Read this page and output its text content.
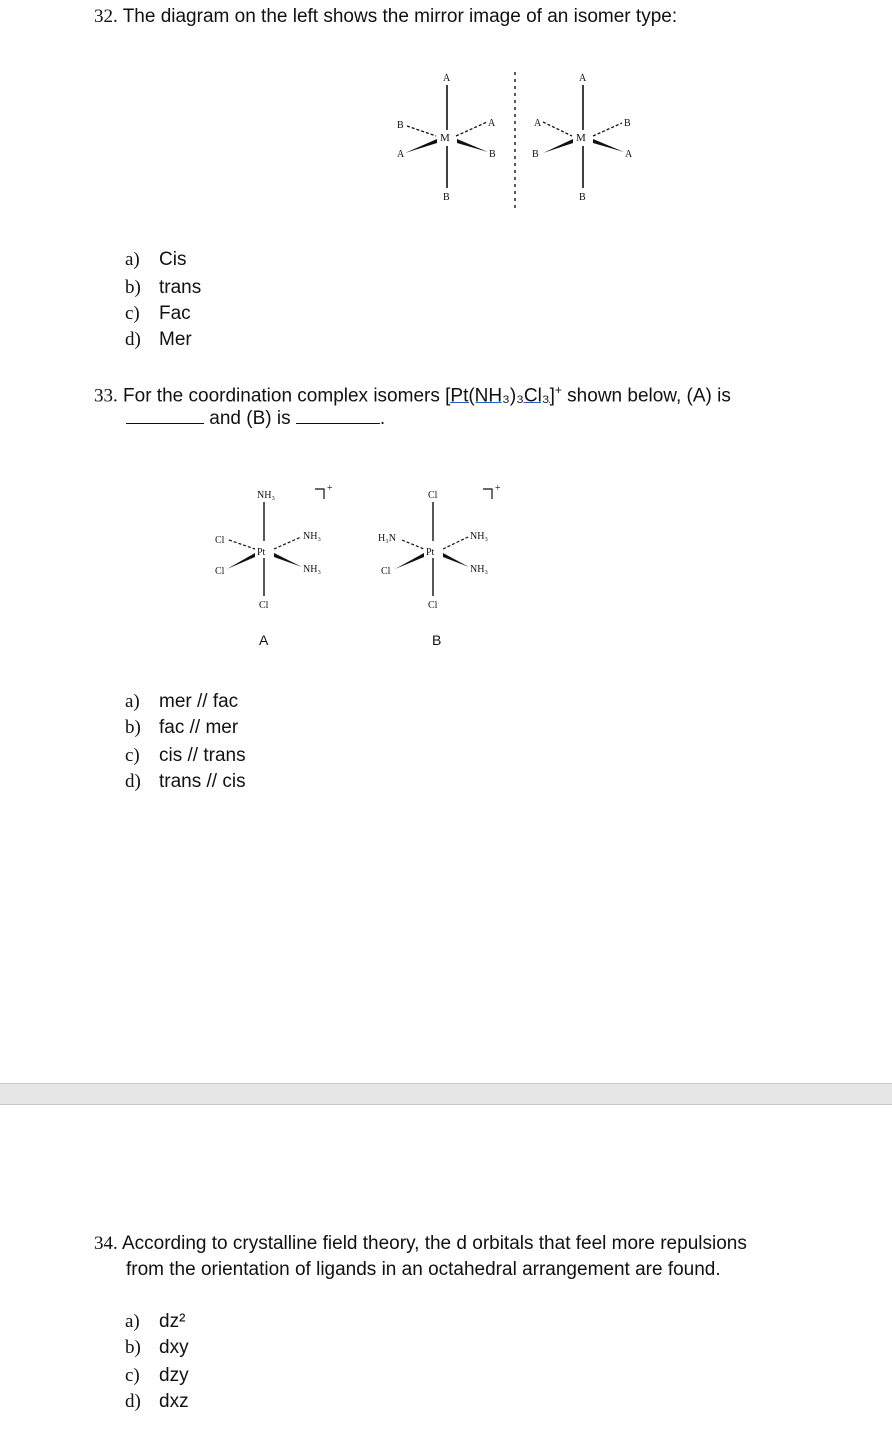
32. The diagram on the left shows the mirror image of an isomer type:
A
B
M
A
A	B
B
A
A
M
B
B	A
B
a) Cis
b) trans
c) Fac
d) Mer
33. For the coordination complex isomers [Pt(NH₃)₃Cl₃]+ shown below, (A) is
and (B) is	.
NH₃
Cl
Pt
NH₃
Cl	NH₃
Cl
+
A
Cl
H₃N
Pt
NH₃
Cl	NH₃
Cl
+
B
a) mer // fac
b) fac // mer
c) cis // trans
d) trans // cis
34. According to crystalline field theory, the d orbitals that feel more repulsions
from the orientation of ligands in an octahedral arrangement are found.
a) dz²
b) dxy
c) dzy
d) dxz
